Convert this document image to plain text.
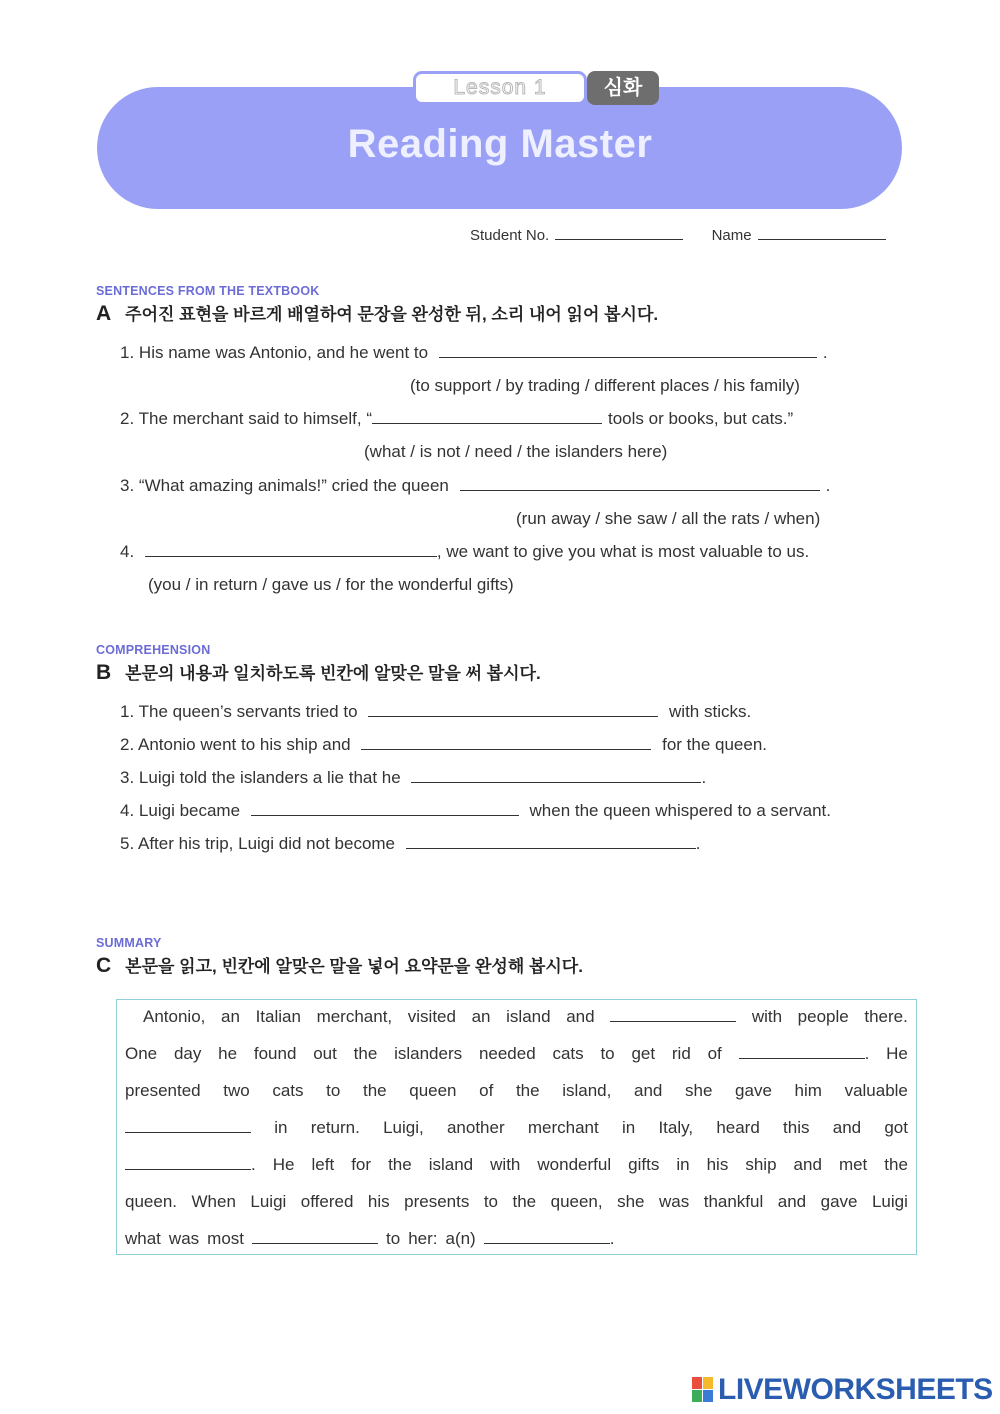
Reading Master
Lesson 1	심화
Student No.	Name
SENTENCES FROM THE TEXTBOOK
A 주어진 표현을 바르게 배열하여 문장을 완성한 뒤, 소리 내어 읽어 봅시다.
1. His name was Antonio, and he went to	.
(to support / by trading / different places / his family)
2. The merchant said to himself, “	tools or books, but cats.”
(what / is not / need / the islanders here)
3. “What amazing animals!” cried the queen	.
(run away / she saw / all the rats / when)
4.	, we want to give you what is most valuable to us.
(you / in return / gave us / for the wonderful gifts)
COMPREHENSION
B 본문의 내용과 일치하도록 빈칸에 알맞은 말을 써 봅시다.
1. The queen’s servants tried to	with sticks.
2. Antonio went to his ship and	for the queen.
3. Luigi told the islanders a lie that he	.
4. Luigi became	when the queen whispered to a servant.
5. After his trip, Luigi did not become	.
SUMMARY
C 본문을 읽고, 빈칸에 알맞은 말을 넣어 요약문을 완성해 봅시다.
Antonio, an Italian merchant, visited an island and	with people there.
One day he found out the islanders needed cats to get rid of	. He
presented two cats to the queen of the island, and she gave him valuable
in return. Luigi, another merchant in Italy, heard this and got
. He left for the island with wonderful gifts in his ship and met the
queen. When Luigi offered his presents to the queen, she was thankful and gave Luigi
what was most	to her: a(n)	.
LIVEWORKSHEETS
